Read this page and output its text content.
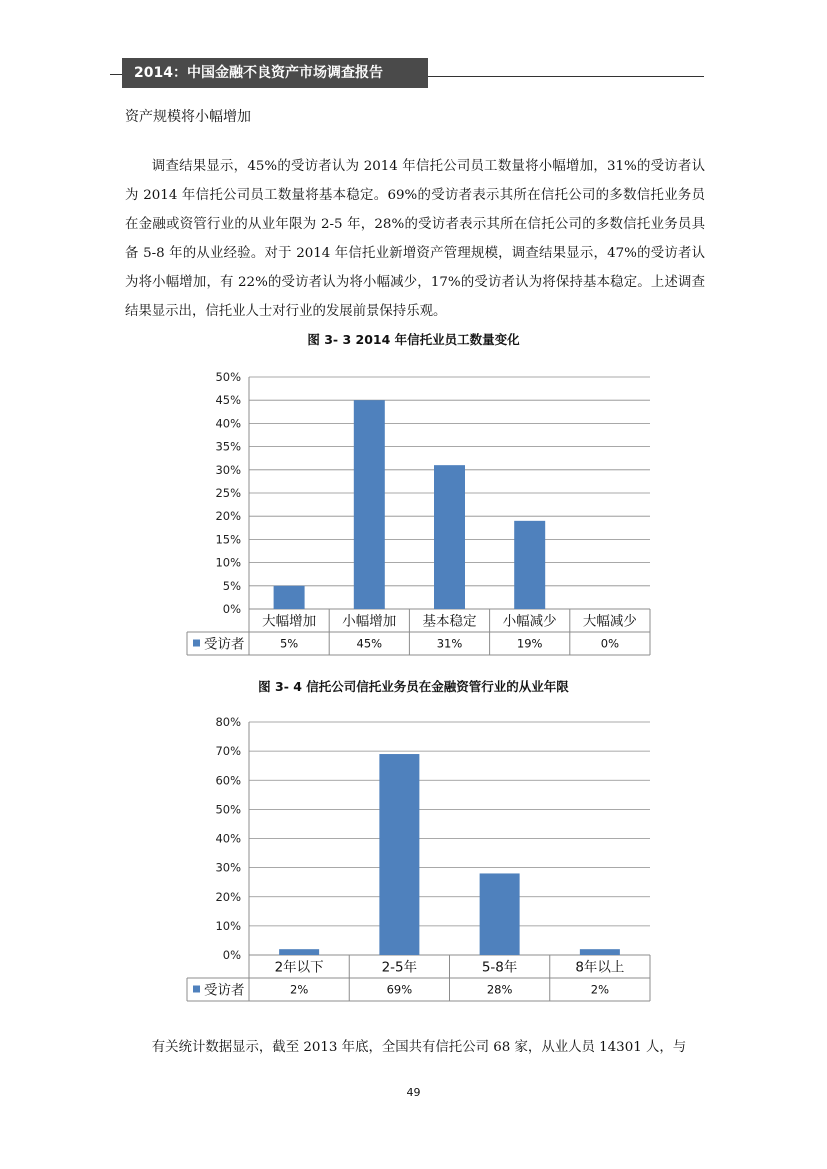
2014：中国金融不良资产市场调查报告
资产规模将小幅增加

调查结果显示，45%的受访者认为 2014 年信托公司员工数量将小幅增加，31%的受访者认为 2014 年信托公司员工数量将基本稳定。69%的受访者表示其所在信托公司的多数信托业务员在金融或资管行业的从业年限为 2-5 年，28%的受访者表示其所在信托公司的多数信托业务员具备 5-8 年的从业经验。对于 2014 年信托业新增资产管理规模，调查结果显示，47%的受访者认为将小幅增加，有 22%的受访者认为将小幅减少，17%的受访者认为将保持基本稳定。上述调查结果显示出，信托业人士对行业的发展前景保持乐观。

图 3- 3 2014 年信托业员工数量变化
0%
5%
10%
15%
20%
25%
30%
35%
40%
45%
50%
大幅增加
5%
小幅增加
45%
基本稳定
31%
小幅减少
19%
大幅减少
0%
受访者
图 3- 4 信托公司信托业务员在金融资管行业的从业年限
0%
10%
20%
30%
40%
50%
60%
70%
80%
2年以下
2%
2-5年
69%
5-8年
28%
8年以上
2%
受访者

有关统计数据显示，截至 2013 年底，全国共有信托公司 68 家，从业人员 14301 人，与

49
